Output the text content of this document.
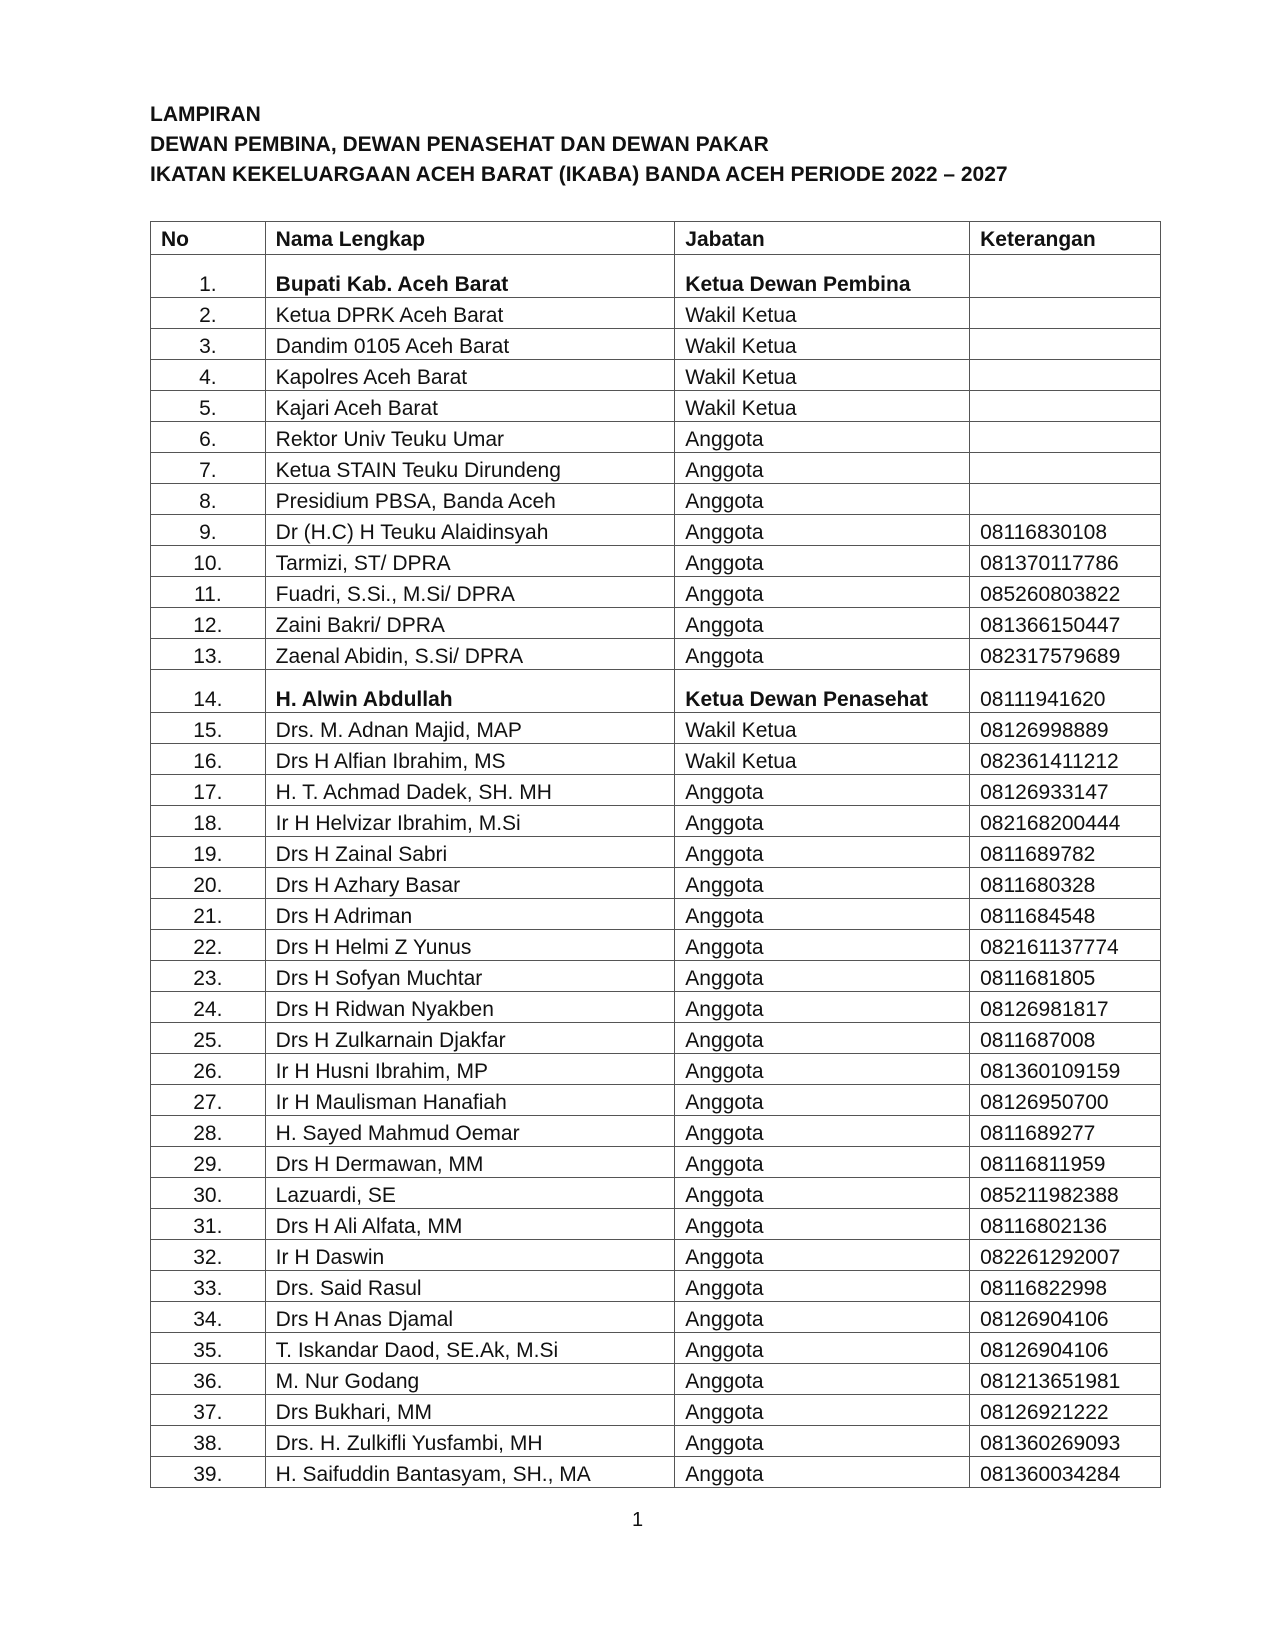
LAMPIRAN
DEWAN PEMBINA, DEWAN PENASEHAT DAN DEWAN PAKAR
IKATAN KEKELUARGAAN ACEH BARAT (IKABA) BANDA ACEH PERIODE 2022 – 2027
No	Nama Lengkap	Jabatan	Keterangan
1.	Bupati Kab. Aceh Barat	Ketua Dewan Pembina	
2.	Ketua DPRK Aceh Barat	Wakil Ketua	
3.	Dandim 0105 Aceh Barat	Wakil Ketua	
4.	Kapolres Aceh Barat	Wakil Ketua	
5.	Kajari Aceh Barat	Wakil Ketua	
6.	Rektor Univ Teuku Umar	Anggota	
7.	Ketua STAIN Teuku Dirundeng	Anggota	
8.	Presidium PBSA, Banda Aceh	Anggota	
9.	Dr (H.C) H Teuku Alaidinsyah	Anggota	08116830108
10.	Tarmizi, ST/ DPRA	Anggota	081370117786
11.	Fuadri, S.Si., M.Si/ DPRA	Anggota	085260803822
12.	Zaini Bakri/ DPRA	Anggota	081366150447
13.	Zaenal Abidin, S.Si/ DPRA	Anggota	082317579689
14.	H. Alwin Abdullah	Ketua Dewan Penasehat	08111941620
15.	Drs. M. Adnan Majid, MAP	Wakil Ketua	08126998889
16.	Drs H Alfian Ibrahim, MS	Wakil Ketua	082361411212
17.	H. T. Achmad Dadek, SH. MH	Anggota	08126933147
18.	Ir H Helvizar Ibrahim, M.Si	Anggota	082168200444
19.	Drs H Zainal Sabri	Anggota	0811689782
20.	Drs H Azhary Basar	Anggota	0811680328
21.	Drs H Adriman	Anggota	0811684548
22.	Drs H Helmi Z Yunus	Anggota	082161137774
23.	Drs H Sofyan Muchtar	Anggota	0811681805
24.	Drs H Ridwan Nyakben	Anggota	08126981817
25.	Drs H Zulkarnain Djakfar	Anggota	0811687008
26.	Ir H Husni Ibrahim, MP	Anggota	081360109159
27.	Ir H Maulisman Hanafiah	Anggota	08126950700
28.	H. Sayed Mahmud Oemar	Anggota	0811689277
29.	Drs H Dermawan, MM	Anggota	08116811959
30.	Lazuardi, SE	Anggota	085211982388
31.	Drs H Ali Alfata, MM	Anggota	08116802136
32.	Ir H Daswin	Anggota	082261292007
33.	Drs. Said Rasul	Anggota	08116822998
34.	Drs H Anas Djamal	Anggota	08126904106
35.	T. Iskandar Daod, SE.Ak, M.Si	Anggota	08126904106
36.	M. Nur Godang	Anggota	081213651981
37.	Drs Bukhari, MM	Anggota	08126921222
38.	Drs. H. Zulkifli Yusfambi, MH	Anggota	081360269093
39.	H. Saifuddin Bantasyam, SH., MA	Anggota	081360034284
1
